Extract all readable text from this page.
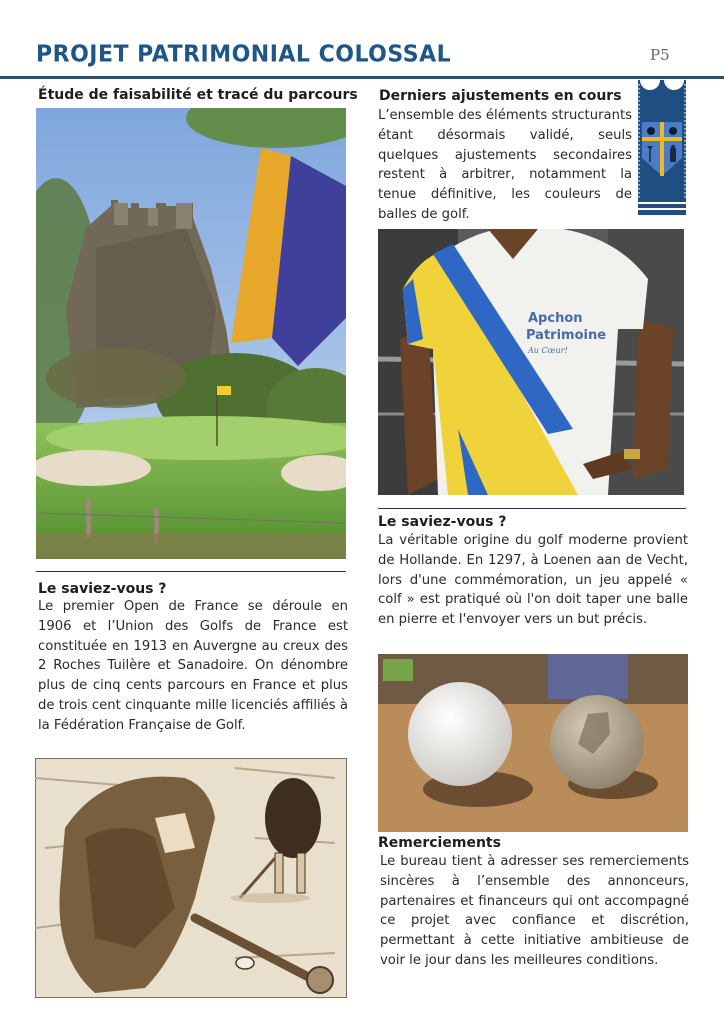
PROJET PATRIMONIAL COLOSSAL	P5
Étude de faisabilité et tracé du parcours
Le saviez-vous ?
Le premier Open de France se déroule en 1906 et l’Union des Golfs de France est constituée en 1913 en Auvergne au creux des 2 Roches Tuilère et Sanadoire. On dénombre plus de cinq cents parcours en France et plus de trois cent cinquante mille licenciés affiliés à la Fédération Française de Golf.
Derniers ajustements en cours
L’ensemble des éléments structurants étant désormais validé, seuls quelques ajustements secondaires restent à arbitrer, notamment la tenue définitive, les couleurs de balles de golf.
Apchon
Patrimoine
Au Cœur!
Le saviez-vous ?
La véritable origine du golf moderne provient de Hollande. En 1297, à Loenen aan de Vecht, lors d'une commémoration, un jeu appelé « colf » est pratiqué où l'on doit taper une balle en pierre et l'envoyer vers un but précis.
Remerciements
Le bureau tient à adresser ses remerciements sincères à l’ensemble des annonceurs, partenaires et financeurs qui ont accompagné ce projet avec confiance et discrétion, permettant à cette initiative ambitieuse de voir le jour dans les meilleures conditions.
